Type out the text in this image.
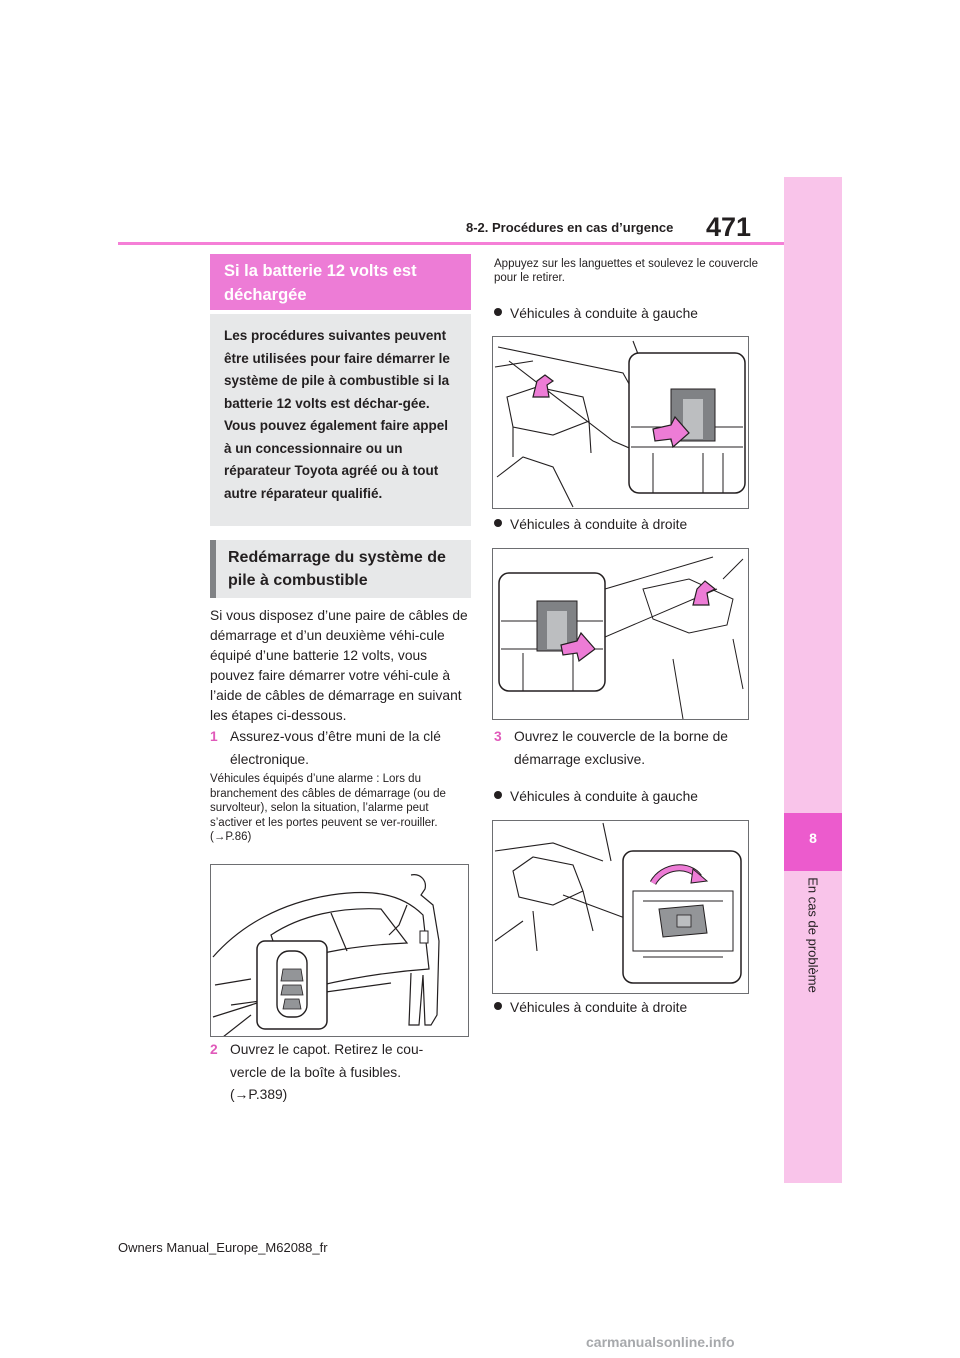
8-2. Procédures en cas d’urgence 471
8
En cas de problème
Si la batterie 12 volts est déchargée
Les procédures suivantes peuvent être utilisées pour faire démarrer le système de pile à combustible si la batterie 12 volts est déchar-gée.
Vous pouvez également faire appel à un concessionnaire ou un réparateur Toyota agréé ou à tout autre réparateur qualifié.
Redémarrage du système de pile à combustible
Si vous disposez d’une paire de câbles de démarrage et d’un deuxième véhi-cule équipé d’une batterie 12 volts, vous pouvez faire démarrer votre véhi-cule à l’aide de câbles de démarrage en suivant les étapes ci-dessous.
1 Assurez-vous d’être muni de la clé électronique.
Véhicules équipés d’une alarme : Lors du branchement des câbles de démarrage (ou de survolteur), selon la situation, l’alarme peut s’activer et les portes peuvent se ver-rouiller. (→P.86)
2 Ouvrez le capot. Retirez le cou-vercle de la boîte à fusibles. (→P.389)
Appuyez sur les languettes et soulevez le couvercle pour le retirer.
Véhicules à conduite à gauche
Véhicules à conduite à droite
3 Ouvrez le couvercle de la borne de démarrage exclusive.
Véhicules à conduite à gauche
Véhicules à conduite à droite
Owners Manual_Europe_M62088_fr
carmanualsonline.info
